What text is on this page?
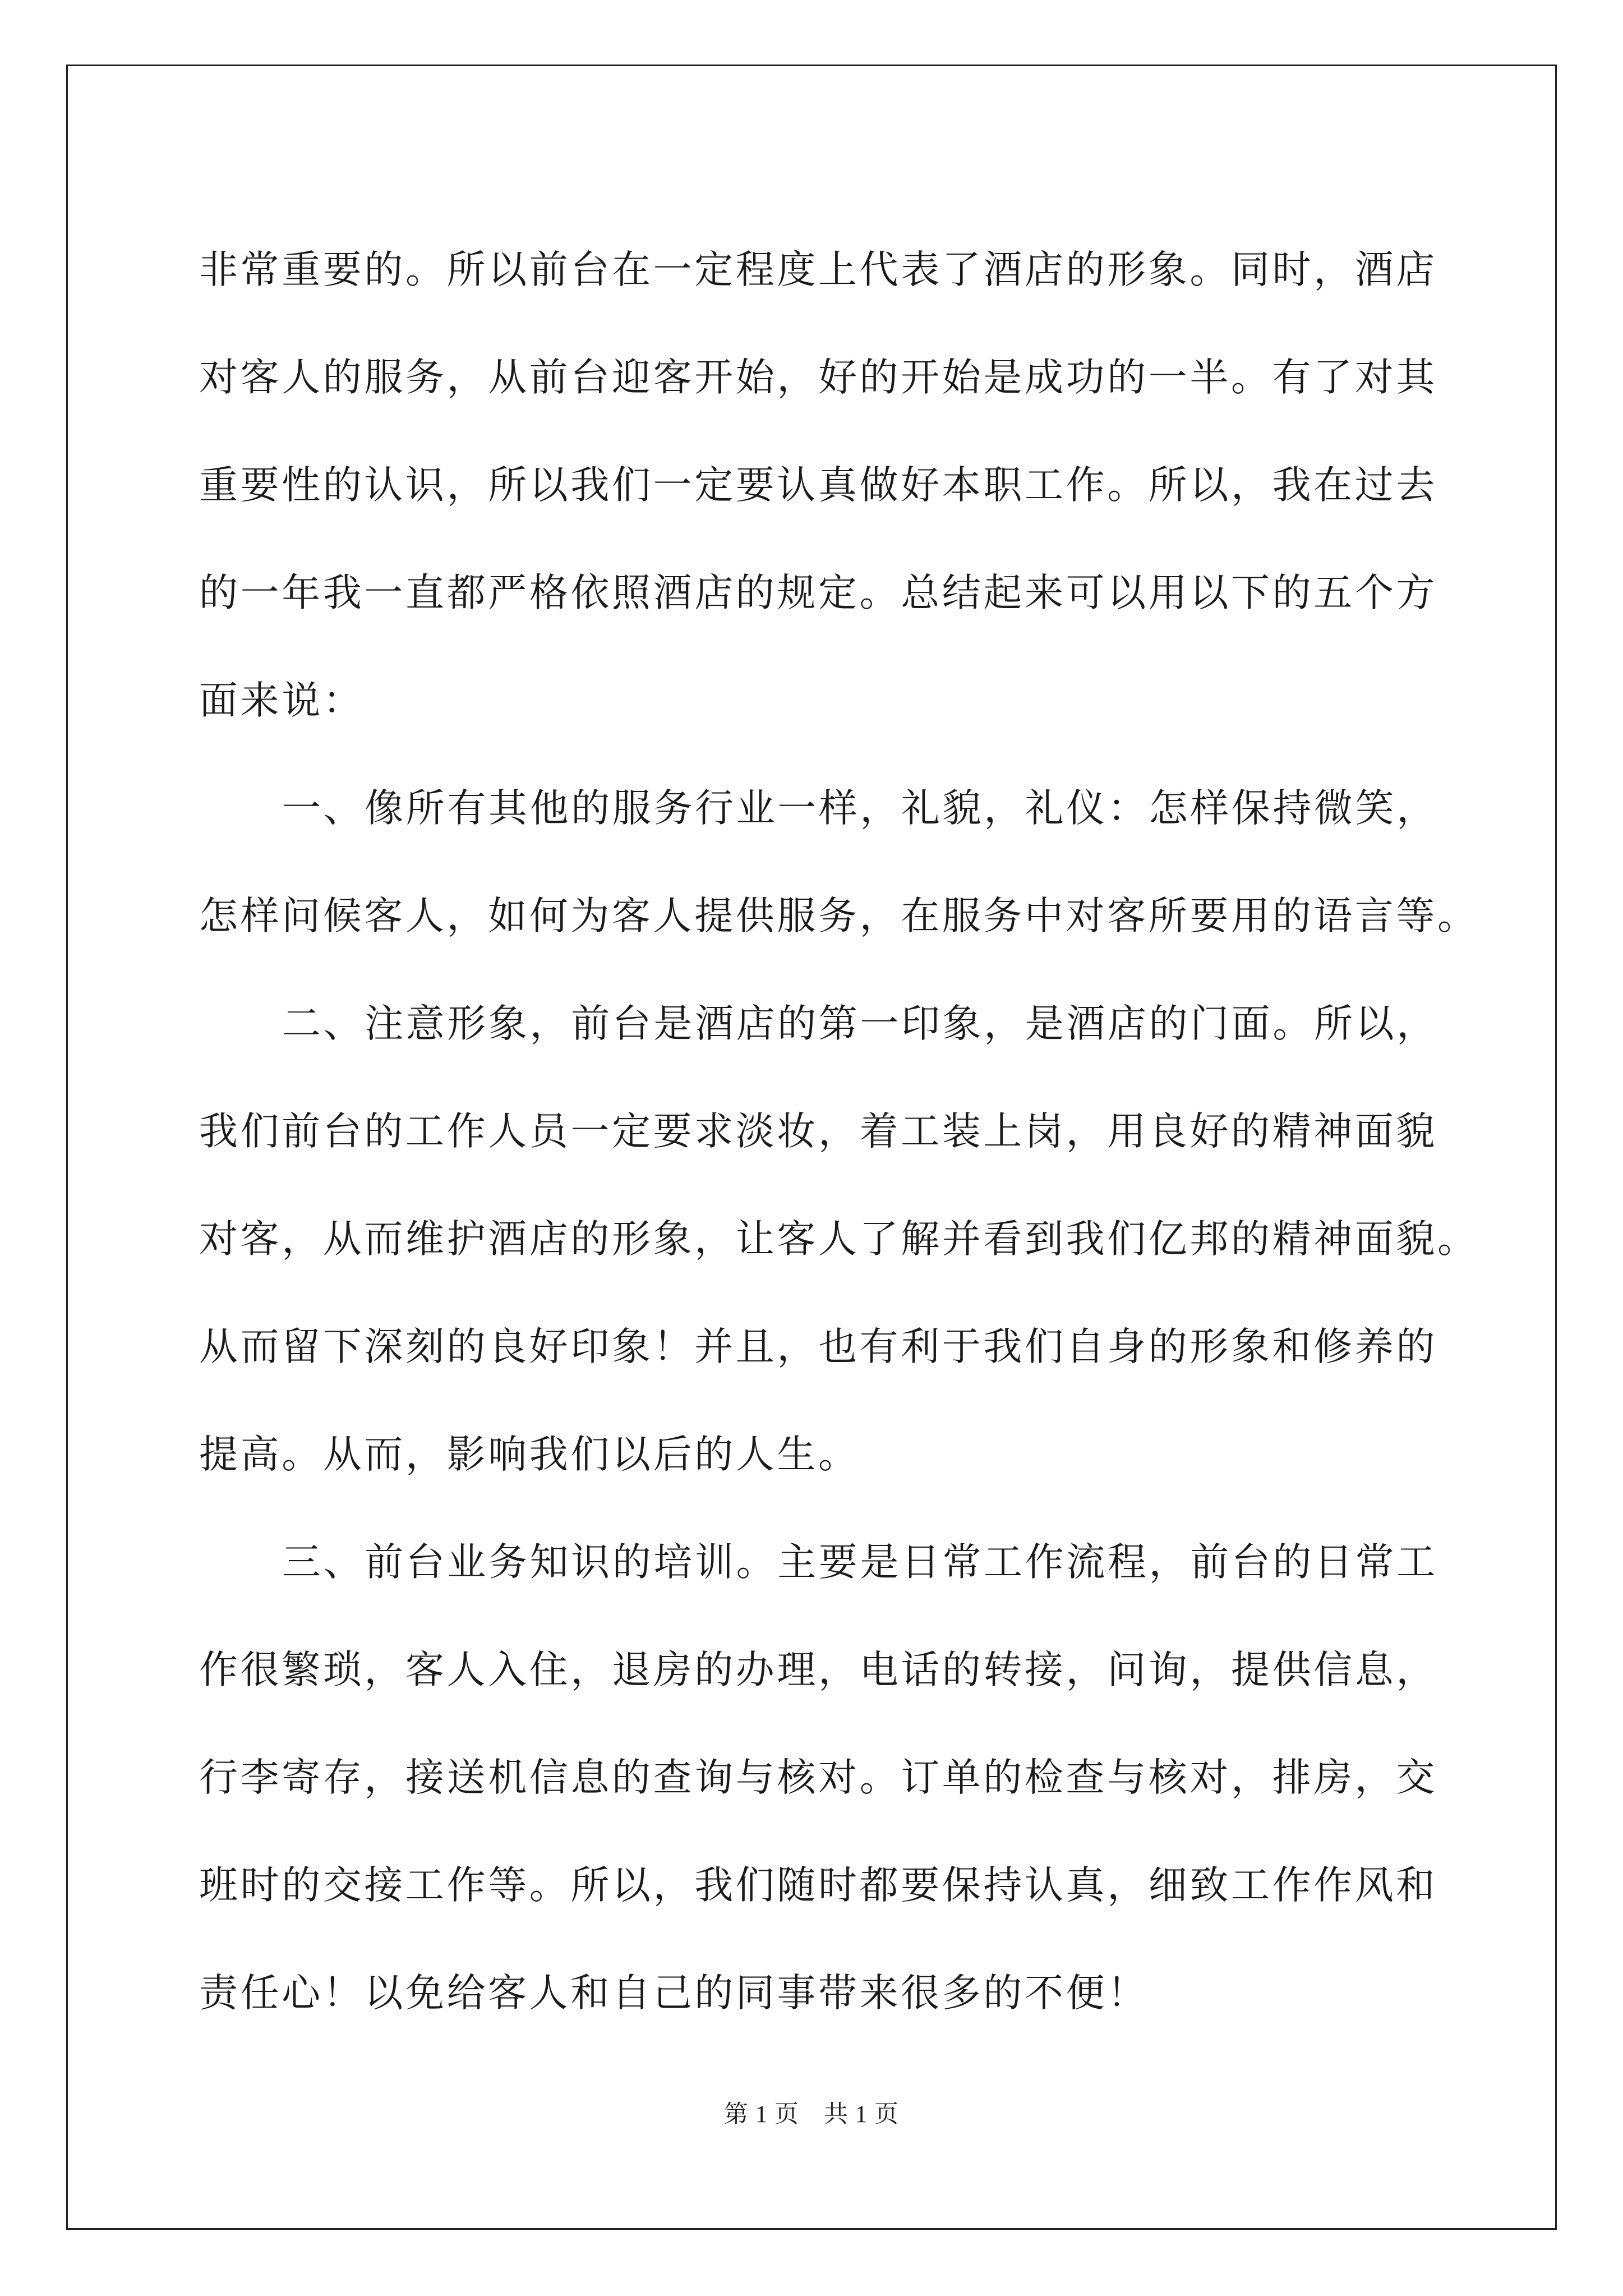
非常重要的。所以前台在一定程度上代表了酒店的形象。同时，酒店
对客人的服务，从前台迎客开始，好的开始是成功的一半。有了对其
重要性的认识，所以我们一定要认真做好本职工作。所以，我在过去
的一年我一直都严格依照酒店的规定。总结起来可以用以下的五个方
面来说：
一、像所有其他的服务行业一样，礼貌，礼仪：怎样保持微笑，
怎样问候客人，如何为客人提供服务，在服务中对客所要用的语言等。
二、注意形象，前台是酒店的第一印象，是酒店的门面。所以，
我们前台的工作人员一定要求淡妆，着工装上岗，用良好的精神面貌
对客，从而维护酒店的形象，让客人了解并看到我们亿邦的精神面貌。
从而留下深刻的良好印象！并且，也有利于我们自身的形象和修养的
提高。从而，影响我们以后的人生。
三、前台业务知识的培训。主要是日常工作流程，前台的日常工
作很繁琐，客人入住，退房的办理，电话的转接，问询，提供信息，
行李寄存，接送机信息的查询与核对。订单的检查与核对，排房，交
班时的交接工作等。所以，我们随时都要保持认真，细致工作作风和
责任心！以免给客人和自己的同事带来很多的不便！
第 1 页　共 1 页
